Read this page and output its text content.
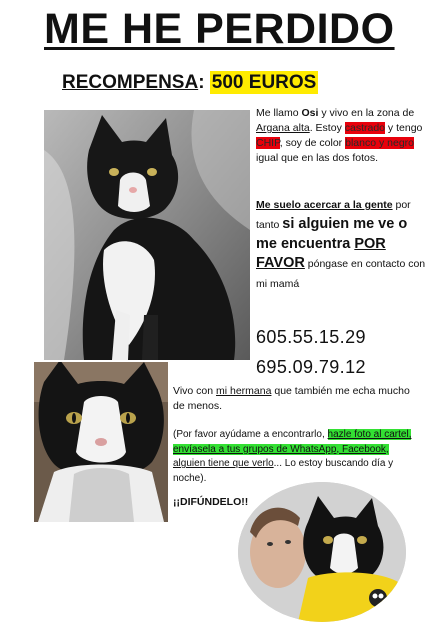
ME HE PERDIDO
RECOMPENSA: 500 EUROS
Me llamo Osi y vivo en la zona de Argana alta. Estoy castrado y tengo CHIP, soy de color blanco y negro igual que en las dos fotos.
Me suelo acercar a la gente por tanto si alguien me ve o me encuentra POR FAVOR póngase en contacto con mi mamá
605.55.15.29
695.09.79.12
Vivo con mi hermana que también me echa mucho de menos.
(Por favor ayúdame a encontrarlo, hazle foto al cartel, envíasela a tus grupos de WhatsApp, Facebook, alguien tiene que verlo... Lo estoy buscando día y noche).
¡¡DIFÚNDELO!!
